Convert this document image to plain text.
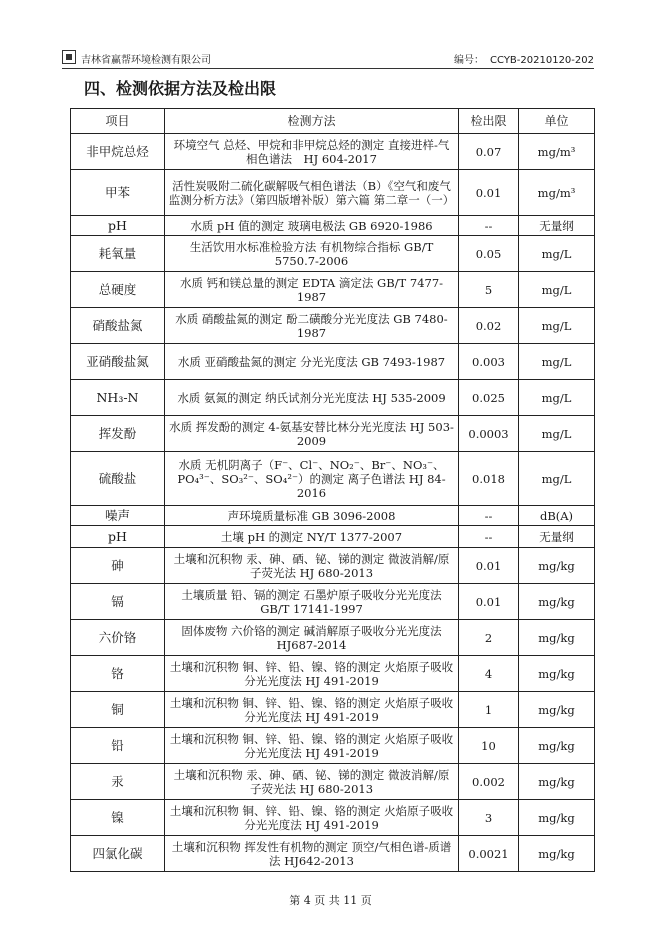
吉林省赢帮环境检测有限公司	编号： CCYB-20210120-202
四、检测依据方法及检出限
项目	检测方法	检出限	单位
非甲烷总烃	环境空气 总烃、甲烷和非甲烷总烃的测定 直接进样-气相色谱法　HJ 604-2017	0.07	mg/m³
甲苯	活性炭吸附二硫化碳解吸气相色谱法（B）《空气和废气监测分析方法》（第四版增补版）第六篇 第二章一（一）	0.01	mg/m³
pH	水质 pH 值的测定 玻璃电极法 GB 6920-1986	--	无量纲
耗氧量	生活饮用水标准检验方法 有机物综合指标 GB/T 5750.7-2006	0.05	mg/L
总硬度	水质 钙和镁总量的测定 EDTA 滴定法 GB/T 7477-1987	5	mg/L
硝酸盐氮	水质 硝酸盐氮的测定 酚二磺酸分光光度法 GB 7480-1987	0.02	mg/L
亚硝酸盐氮	水质 亚硝酸盐氮的测定 分光光度法 GB 7493-1987	0.003	mg/L
NH₃-N	水质 氨氮的测定 纳氏试剂分光光度法 HJ 535-2009	0.025	mg/L
挥发酚	水质 挥发酚的测定 4-氨基安替比林分光光度法 HJ 503-2009	0.0003	mg/L
硫酸盐	水质 无机阴离子（F⁻、Cl⁻、NO₂⁻、Br⁻、NO₃⁻、PO₄³⁻、SO₃²⁻、SO₄²⁻）的测定 离子色谱法 HJ 84-2016	0.018	mg/L
噪声	声环境质量标准 GB 3096-2008	--	dB(A)
pH	土壤 pH 的测定 NY/T 1377-2007	--	无量纲
砷	土壤和沉积物 汞、砷、硒、铋、锑的测定 微波消解/原子荧光法 HJ 680-2013	0.01	mg/kg
镉	土壤质量 铅、镉的测定 石墨炉原子吸收分光光度法 GB/T 17141-1997	0.01	mg/kg
六价铬	固体废物 六价铬的测定 碱消解原子吸收分光光度法 HJ687-2014	2	mg/kg
铬	土壤和沉积物 铜、锌、铅、镍、铬的测定 火焰原子吸收分光光度法 HJ 491-2019	4	mg/kg
铜	土壤和沉积物 铜、锌、铅、镍、铬的测定 火焰原子吸收分光光度法 HJ 491-2019	1	mg/kg
铅	土壤和沉积物 铜、锌、铅、镍、铬的测定 火焰原子吸收分光光度法 HJ 491-2019	10	mg/kg
汞	土壤和沉积物 汞、砷、硒、铋、锑的测定 微波消解/原子荧光法 HJ 680-2013	0.002	mg/kg
镍	土壤和沉积物 铜、锌、铅、镍、铬的测定 火焰原子吸收分光光度法 HJ 491-2019	3	mg/kg
四氯化碳	土壤和沉积物 挥发性有机物的测定 顶空/气相色谱-质谱法 HJ642-2013	0.0021	mg/kg
第 4 页 共 11 页
